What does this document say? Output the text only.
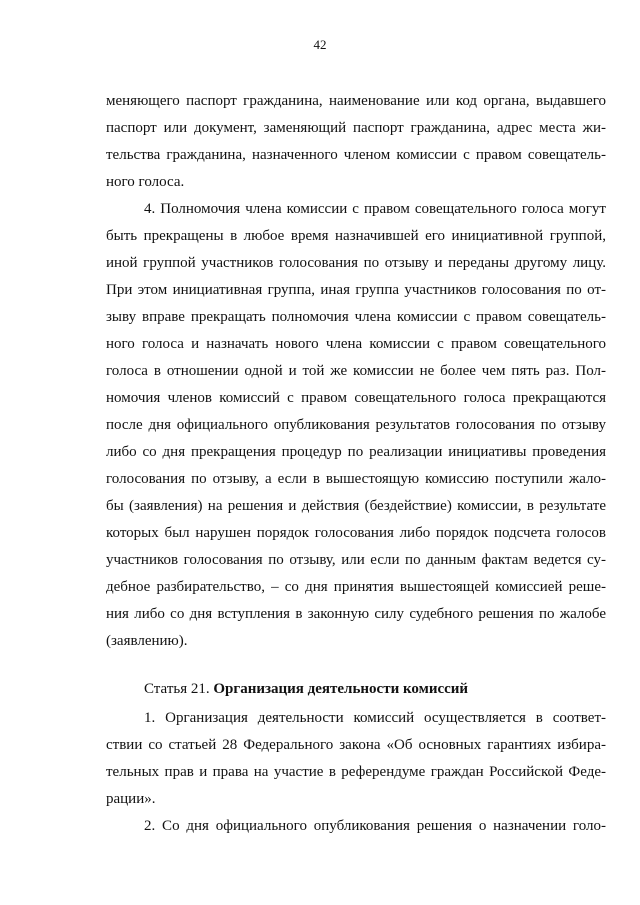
42
меняющего паспорт гражданина, наименование или код органа, выдавшего
паспорт или документ, заменяющий паспорт гражданина, адрес места жи-
тельства гражданина, назначенного членом комиссии с правом совещатель-
ного голоса.
4. Полномочия члена комиссии с правом совещательного голоса могут
быть прекращены в любое время назначившей его инициативной группой,
иной группой участников голосования по отзыву и переданы другому лицу.
При этом инициативная группа, иная группа участников голосования по от-
зыву вправе прекращать полномочия члена комиссии с правом совещатель-
ного голоса и назначать нового члена комиссии с правом совещательного
голоса в отношении одной и той же комиссии не более чем пять раз. Пол-
номочия членов комиссий с правом совещательного голоса прекращаются
после дня официального опубликования результатов голосования по отзыву
либо со дня прекращения процедур по реализации инициативы проведения
голосования по отзыву, а если в вышестоящую комиссию поступили жало-
бы (заявления) на решения и действия (бездействие) комиссии, в результате
которых был нарушен порядок голосования либо порядок подсчета голосов
участников голосования по отзыву, или если по данным фактам ведется су-
дебное разбирательство, – со дня принятия вышестоящей комиссией реше-
ния либо со дня вступления в законную силу судебного решения по жалобе
(заявлению).
Статья 21. Организация деятельности комиссий
1. Организация деятельности комиссий осуществляется в соответ-
ствии со статьей 28 Федерального закона «Об основных гарантиях избира-
тельных прав и права на участие в референдуме граждан Российской Феде-
рации».
2. Со дня официального опубликования решения о назначении голо-
